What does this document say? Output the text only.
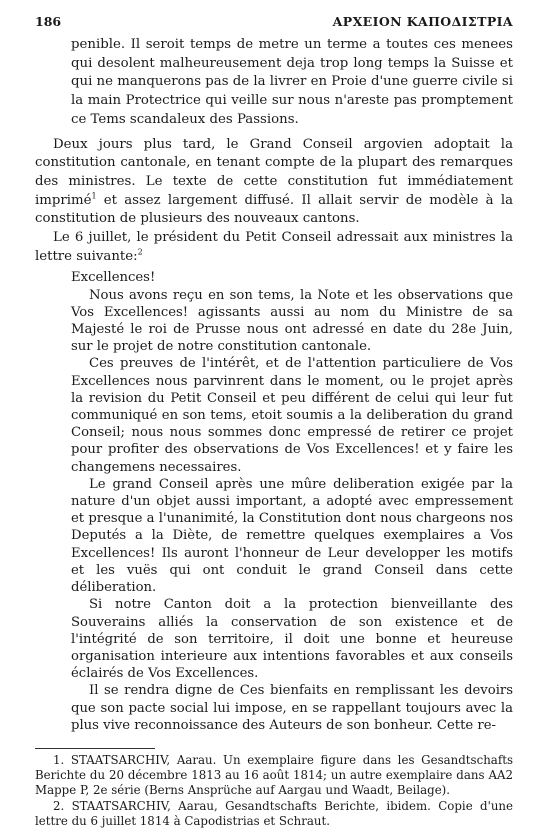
186	ΑΡΧΕΙΟΝ ΚΑΠΟΔΙΣΤΡΙΑ

penible. Il seroit temps de metre un terme a toutes ces menees qui desolent malheureusement deja trop long temps la Suisse et qui ne manquerons pas de la livrer en Proie d'une guerre civile si la main Protectrice qui veille sur nous n'areste pas promptement ce Tems scandaleux des Passions.

Deux jours plus tard, le Grand Conseil argovien adoptait la constitution cantonale, en tenant compte de la plupart des remarques des ministres. Le texte de cette constitution fut immédiatement imprimé$^1$ et assez largement diffusé. Il allait servir de modèle à la constitution de plusieurs des nouveaux cantons.

Le 6 juillet, le président du Petit Conseil adressait aux ministres la lettre suivante:$^2$

Excellences!

Nous avons reçu en son tems, la Note et les observations que Vos Excellences! agissants aussi au nom du Ministre de sa Majesté le roi de Prusse nous ont adressé en date du 28e Juin, sur le projet de notre constitution cantonale.

Ces preuves de l'intérêt, et de l'attention particuliere de Vos Excellences nous parvinrent dans le moment, ou le projet après la revision du Petit Conseil et peu différent de celui qui leur fut communiqué en son tems, etoit soumis a la deliberation du grand Conseil; nous nous sommes donc empressé de retirer ce projet pour profiter des observations de Vos Excellences! et y faire les changemens necessaires.

Le grand Conseil après une mûre deliberation exigée par la nature d'un objet aussi important, a adopté avec empressement et presque a l'unanimité, la Constitution dont nous chargeons nos Deputés a la Diète, de remettre quelques exemplaires a Vos Excellences! Ils auront l'honneur de Leur developper les motifs et les vuës qui ont conduit le grand Conseil dans cette déliberation.

Si notre Canton doit a la protection bienveillante des Souverains alliés la conservation de son existence et de l'intégrité de son territoire, il doit une bonne et heureuse organisation interieure aux intentions favorables et aux conseils éclairés de Vos Excellences.

Il se rendra digne de Ces bienfaits en remplissant les devoirs que son pacte social lui impose, en se rappellant toujours avec la plus vive reconnoissance des Auteurs de son bonheur. Cette re-

1. STAATSARCHIV, Aarau. Un exemplaire figure dans les Gesandtschafts Berichte du 20 décembre 1813 au 16 août 1814; un autre exemplaire dans AA2 Mappe P, 2e série (Berns Ansprüche auf Aargau und Waadt, Beilage).

2. STAATSARCHIV, Aarau, Gesandtschafts Berichte, ibidem. Copie d'une lettre du 6 juillet 1814 à Capodistrias et Schraut.
